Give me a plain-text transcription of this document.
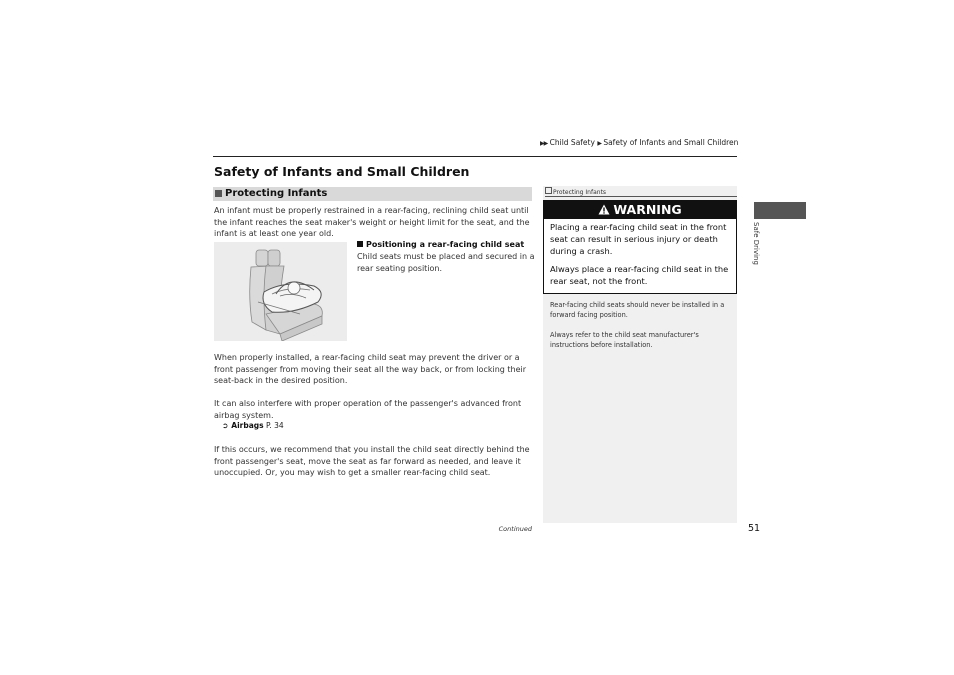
▶▶ Child Safety ▶ Safety of Infants and Small Children
Safety of Infants and Small Children
Protecting Infants
An infant must be properly restrained in a rear-facing, reclining child seat until the infant reaches the seat maker's weight or height limit for the seat, and the infant is at least one year old.
Positioning a rear-facing child seat
Child seats must be placed and secured in a rear seating position.
When properly installed, a rear-facing child seat may prevent the driver or a front passenger from moving their seat all the way back, or from locking their seat-back in the desired position.
It can also interfere with proper operation of the passenger's advanced front airbag system.
➲ Airbags P. 34
If this occurs, we recommend that you install the child seat directly behind the front passenger's seat, move the seat as far forward as needed, and leave it unoccupied. Or, you may wish to get a smaller rear-facing child seat.
Continued
Protecting Infants
WARNING
Placing a rear-facing child seat in the front seat can result in serious injury or death during a crash.
Always place a rear-facing child seat in the rear seat, not the front.
Rear-facing child seats should never be installed in a forward facing position.
Always refer to the child seat manufacturer's instructions before installation.
Safe Driving
51
